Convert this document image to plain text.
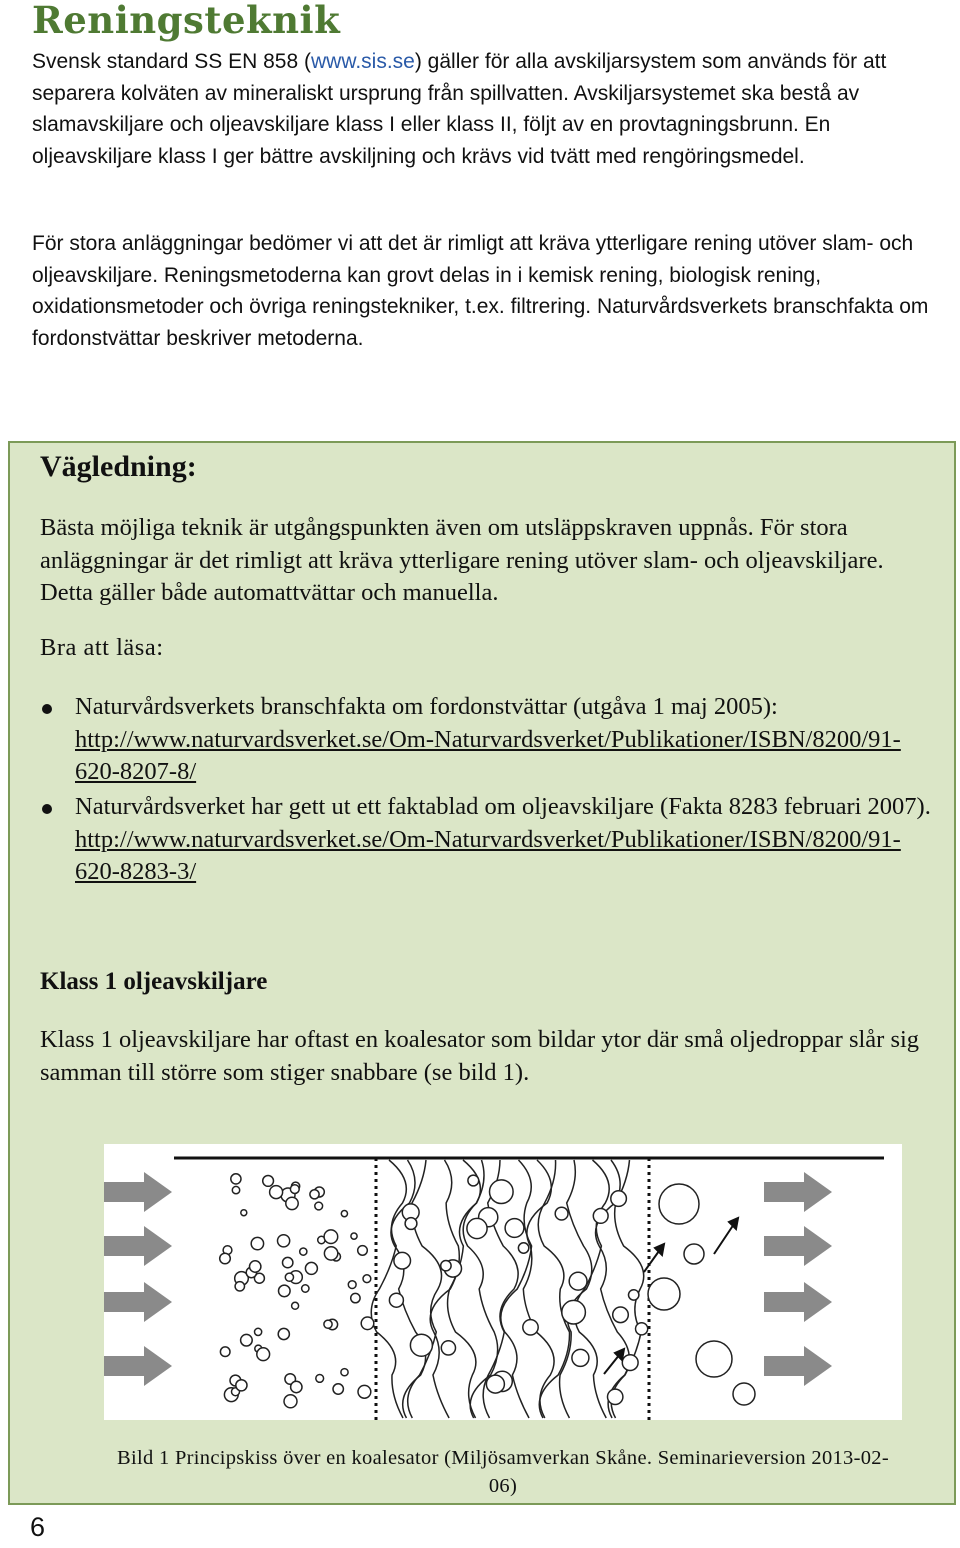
Reningsteknik
Svensk standard SS EN 858 (www.sis.se) gäller för alla avskiljarsystem som används för att separera kolväten av mineraliskt ursprung från spillvatten. Avskiljarsystemet ska bestå av slamavskiljare och oljeavskiljare klass I eller klass II, följt av en provtagningsbrunn. En oljeavskiljare klass I ger bättre avskiljning och krävs vid tvätt med rengöringsmedel.
För stora anläggningar bedömer vi att det är rimligt att kräva ytterligare rening utöver slam- och oljeavskiljare. Reningsmetoderna kan grovt delas in i kemisk rening, biologisk rening, oxidationsmetoder och övriga reningstekniker, t.ex. filtrering. Naturvårdsverkets branschfakta om fordonstvättar beskriver metoderna.
Vägledning:
Bästa möjliga teknik är utgångspunkten även om utsläppskraven uppnås. För stora anläggningar är det rimligt att kräva ytterligare rening utöver slam- och oljeavskiljare. Detta gäller både automattvättar och manuella.
Bra att läsa:
Naturvårdsverkets branschfakta om fordonstvättar (utgåva 1 maj 2005): http://www.naturvardsverket.se/Om-Naturvardsverket/Publikationer/ISBN/8200/91-620-8207-8/
Naturvårdsverket har gett ut ett faktablad om oljeavskiljare (Fakta 8283 februari 2007). http://www.naturvardsverket.se/Om-Naturvardsverket/Publikationer/ISBN/8200/91-620-8283-3/
Klass 1 oljeavskiljare
Klass 1 oljeavskiljare har oftast en koalesator som bildar ytor där små oljedroppar slår sig samman till större som stiger snabbare (se bild 1).
Bild 1 Principskiss över en koalesator (Miljösamverkan Skåne. Seminarieversion 2013-02- 06)
6
